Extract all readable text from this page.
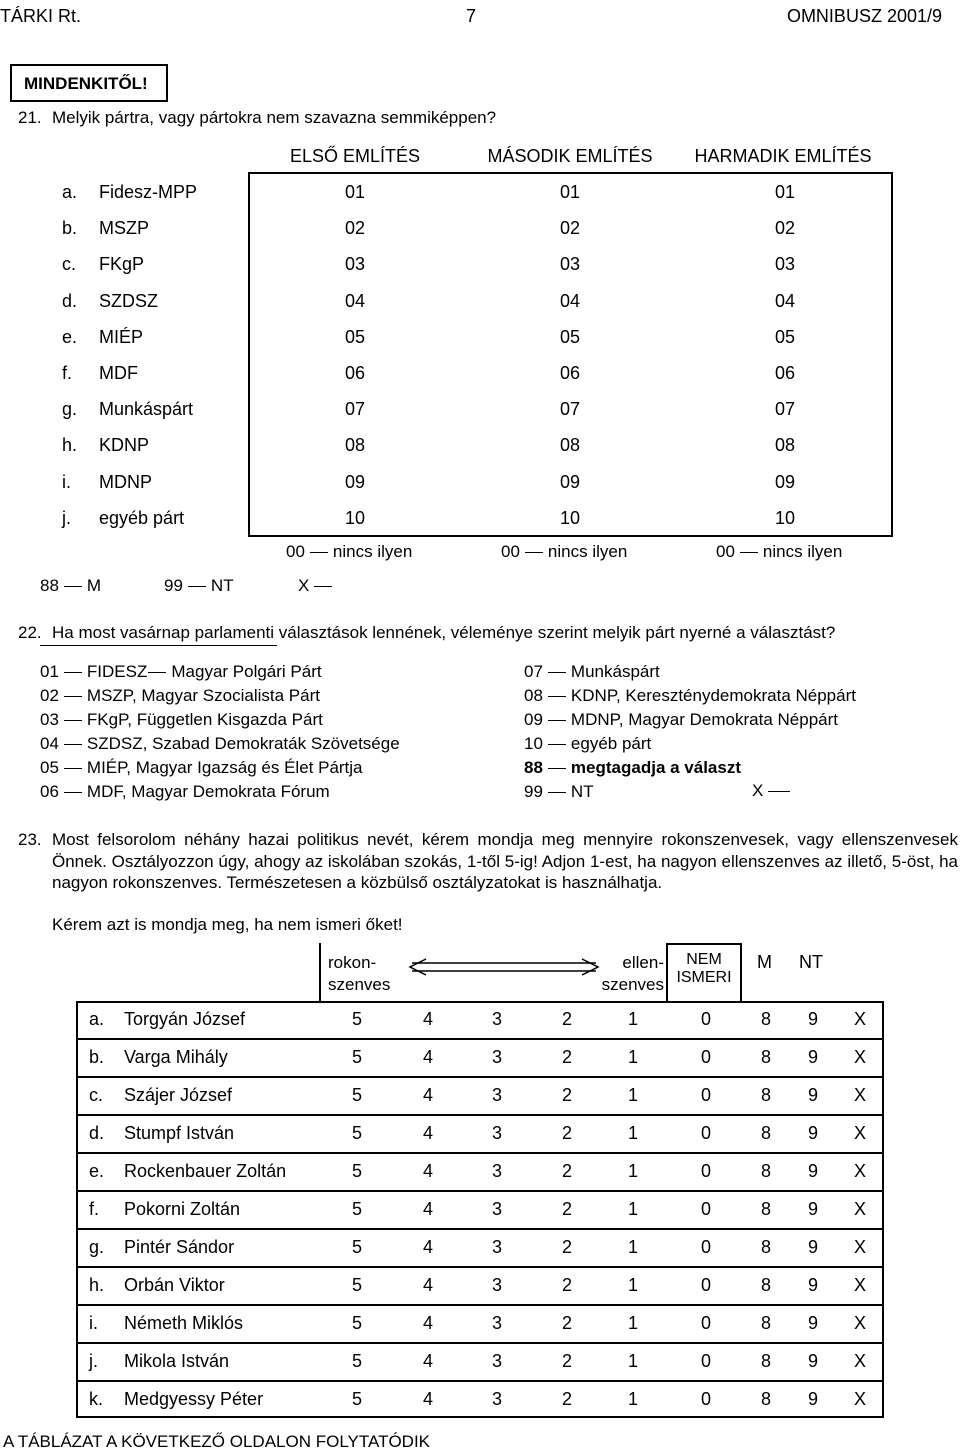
TÁRKI Rt.	7	OMNIBUSZ 2001/9
MINDENKITŐL!
21. Melyik pártra, vagy pártokra nem szavazna semmiképpen?
ELSŐ EMLÍTÉS	MÁSODIK EMLÍTÉS	HARMADIK EMLÍTÉS
a. Fidesz-MPP	01	01	01
b. MSZP	02	02	02
c. FKgP	03	03	03
d. SZDSZ	04	04	04
e. MIÉP	05	05	05
f. MDF	06	06	06
g. Munkáspárt	07	07	07
h. KDNP	08	08	08
i. MDNP	09	09	09
j. egyéb párt	10	10	10
00 nincs ilyen	00 nincs ilyen	00 nincs ilyen
88 M	99 NT	X
22. Ha most vasárnap parlamenti választások lennének, véleménye szerint melyik párt nyerné a választást?
01 FIDESZ Magyar Polgári Párt
02 MSZP, Magyar Szocialista Párt
03 FKgP, Független Kisgazda Párt
04 SZDSZ, Szabad Demokraták Szövetsége
05 MIÉP, Magyar Igazság és Élet Pártja
06 MDF, Magyar Demokrata Fórum
07 Munkáspárt
08 KDNP, Kereszténydemokrata Néppárt
09 MDNP, Magyar Demokrata Néppárt
10 egyéb párt
88 megtagadja a választ
99 NT	X
23. Most felsorolom néhány hazai politikus nevét, kérem mondja meg mennyire rokonszenvesek, vagy ellenszenvesek Önnek. Osztályozzon úgy, ahogy az iskolában szokás, 1-től 5-ig! Adjon 1-est, ha nagyon ellenszenves az illető, 5-öst, ha nagyon rokonszenves. Természetesen a közbülső osztályzatokat is használhatja.
Kérem azt is mondja meg, ha nem ismeri őket!
rokon-
szenves
ellen-
szenves
NEM
ISMERI
M NT
a. Torgyán József	5	4	3	2	1	0	8	9	X
b. Varga Mihály	5	4	3	2	1	0	8	9	X
c. Szájer József	5	4	3	2	1	0	8	9	X
d. Stumpf István	5	4	3	2	1	0	8	9	X
e. Rockenbauer Zoltán	5	4	3	2	1	0	8	9	X
f. Pokorni Zoltán	5	4	3	2	1	0	8	9	X
g. Pintér Sándor	5	4	3	2	1	0	8	9	X
h. Orbán Viktor	5	4	3	2	1	0	8	9	X
i. Németh Miklós	5	4	3	2	1	0	8	9	X
j. Mikola István	5	4	3	2	1	0	8	9	X
k. Medgyessy Péter	5	4	3	2	1	0	8	9	X
A TÁBLÁZAT A KÖVETKEZŐ OLDALON FOLYTATÓDIK
